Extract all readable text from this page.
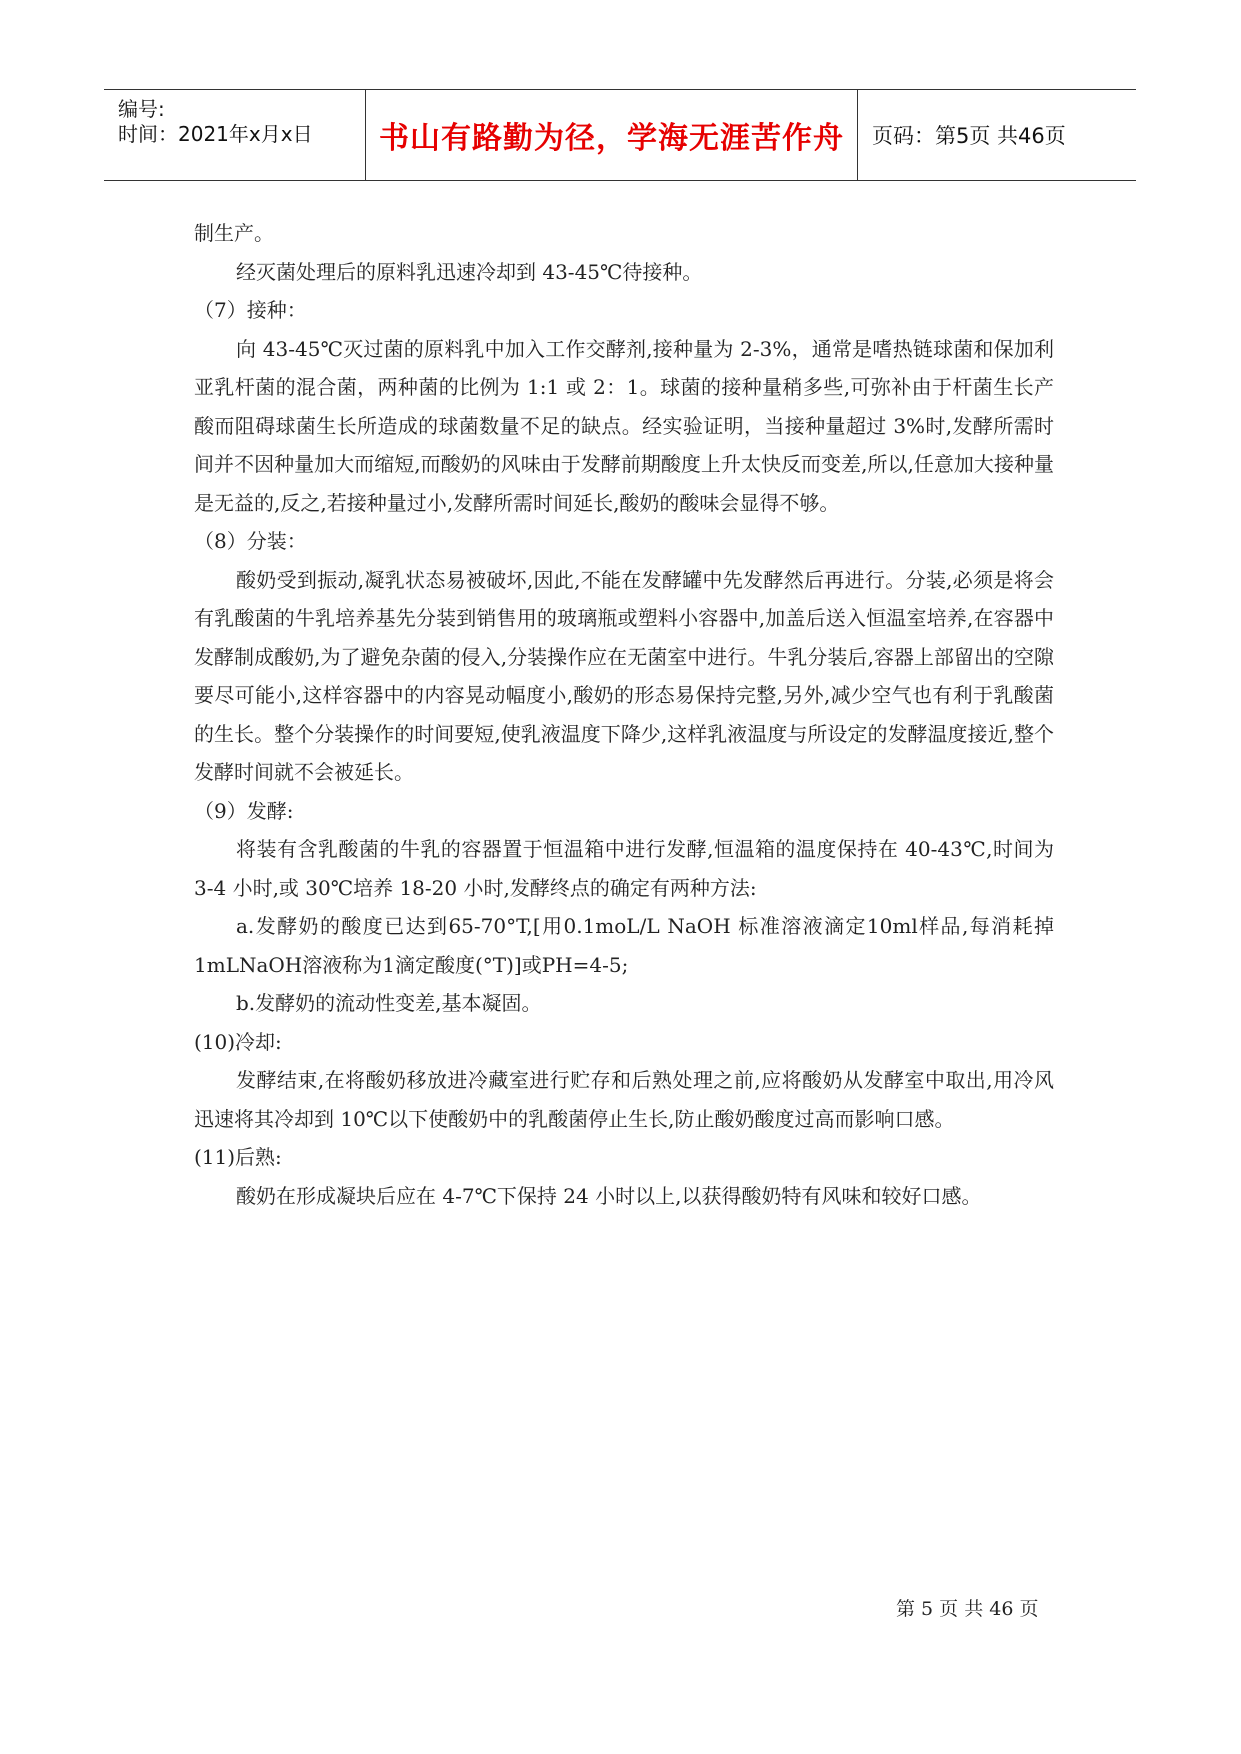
编号:
时间：2021年x月x日 书山有路勤为径，学海无涯苦作舟 页码：第5页 共46页

制生产。

经灭菌处理后的原料乳迅速冷却到 43-45℃待接种。

（7）接种：

向 43-45℃灭过菌的原料乳中加入工作交酵剂,接种量为 2-3%，通常是嗜热链球菌和保加利亚乳杆菌的混合菌，两种菌的比例为 1:1 或 2：1。球菌的接种量稍多些,可弥补由于杆菌生长产酸而阻碍球菌生长所造成的球菌数量不足的缺点。经实验证明，当接种量超过 3%时,发酵所需时间并不因种量加大而缩短,而酸奶的风味由于发酵前期酸度上升太快反而变差,所以,任意加大接种量是无益的,反之,若接种量过小,发酵所需时间延长,酸奶的酸味会显得不够。

（8）分装：

酸奶受到振动,凝乳状态易被破坏,因此,不能在发酵罐中先发酵然后再进行。分装,必须是将会有乳酸菌的牛乳培养基先分装到销售用的玻璃瓶或塑料小容器中,加盖后送入恒温室培养,在容器中发酵制成酸奶,为了避免杂菌的侵入,分装操作应在无菌室中进行。牛乳分装后,容器上部留出的空隙要尽可能小,这样容器中的内容晃动幅度小,酸奶的形态易保持完整,另外,减少空气也有利于乳酸菌的生长。整个分装操作的时间要短,使乳液温度下降少,这样乳液温度与所设定的发酵温度接近,整个发酵时间就不会被延长。

（9）发酵:

将装有含乳酸菌的牛乳的容器置于恒温箱中进行发酵,恒温箱的温度保持在 40-43℃,时间为 3-4 小时,或 30℃培养 18-20 小时,发酵终点的确定有两种方法:

a.发酵奶的酸度已达到65-70°T,[用0.1moL/L NaOH 标准溶液滴定10ml样品,每消耗掉1mLNaOH溶液称为1滴定酸度(°T)]或PH=4-5;

b.发酵奶的流动性变差,基本凝固。

(10)冷却:

发酵结束,在将酸奶移放进冷藏室进行贮存和后熟处理之前,应将酸奶从发酵室中取出,用冷风迅速将其冷却到 10℃以下使酸奶中的乳酸菌停止生长,防止酸奶酸度过高而影响口感。

(11)后熟:

酸奶在形成凝块后应在 4-7℃下保持 24 小时以上,以获得酸奶特有风味和较好口感。

第 5 页 共 46 页
